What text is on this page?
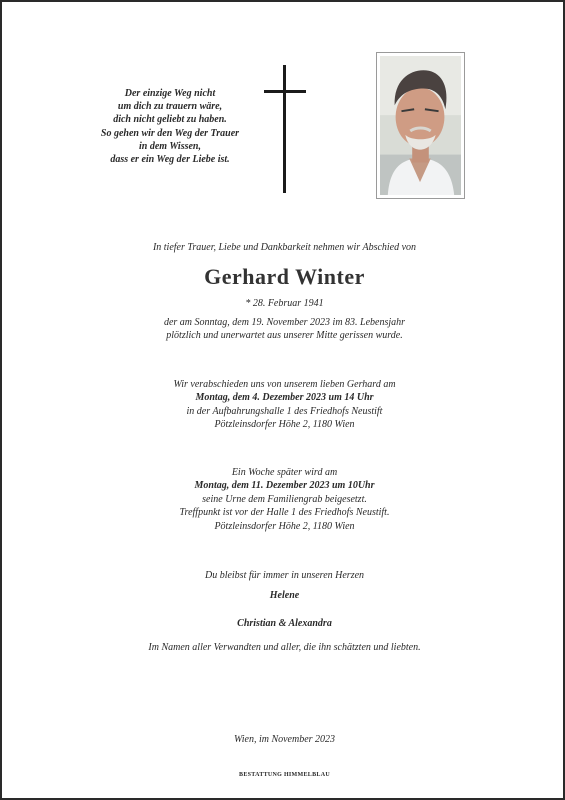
Der einzige Weg nicht
um dich zu trauern wäre,
dich nicht geliebt zu haben.
So gehen wir den Weg der Trauer
in dem Wissen,
dass er ein Weg der Liebe ist.
In tiefer Trauer, Liebe und Dankbarkeit nehmen wir Abschied von
Gerhard Winter
* 28. Februar 1941
der am Sonntag, dem 19. November 2023 im 83. Lebensjahr
plötzlich und unerwartet aus unserer Mitte gerissen wurde.
Wir verabschieden uns von unserem lieben Gerhard am
Montag, dem 4. Dezember 2023 um 14 Uhr
in der Aufbahrungshalle 1 des Friedhofs Neustift
Pötzleinsdorfer Höhe 2, 1180 Wien
Ein Woche später wird am
Montag, dem 11. Dezember 2023 um 10Uhr
seine Urne dem Familiengrab beigesetzt.
Treffpunkt ist vor der Halle 1 des Friedhofs Neustift.
Pötzleinsdorfer Höhe 2, 1180 Wien
Du bleibst für immer in unseren Herzen
Helene
Christian & Alexandra
Im Namen aller Verwandten und aller, die ihn schätzten und liebten.
Wien, im November 2023
BESTATTUNG HIMMELBLAU
